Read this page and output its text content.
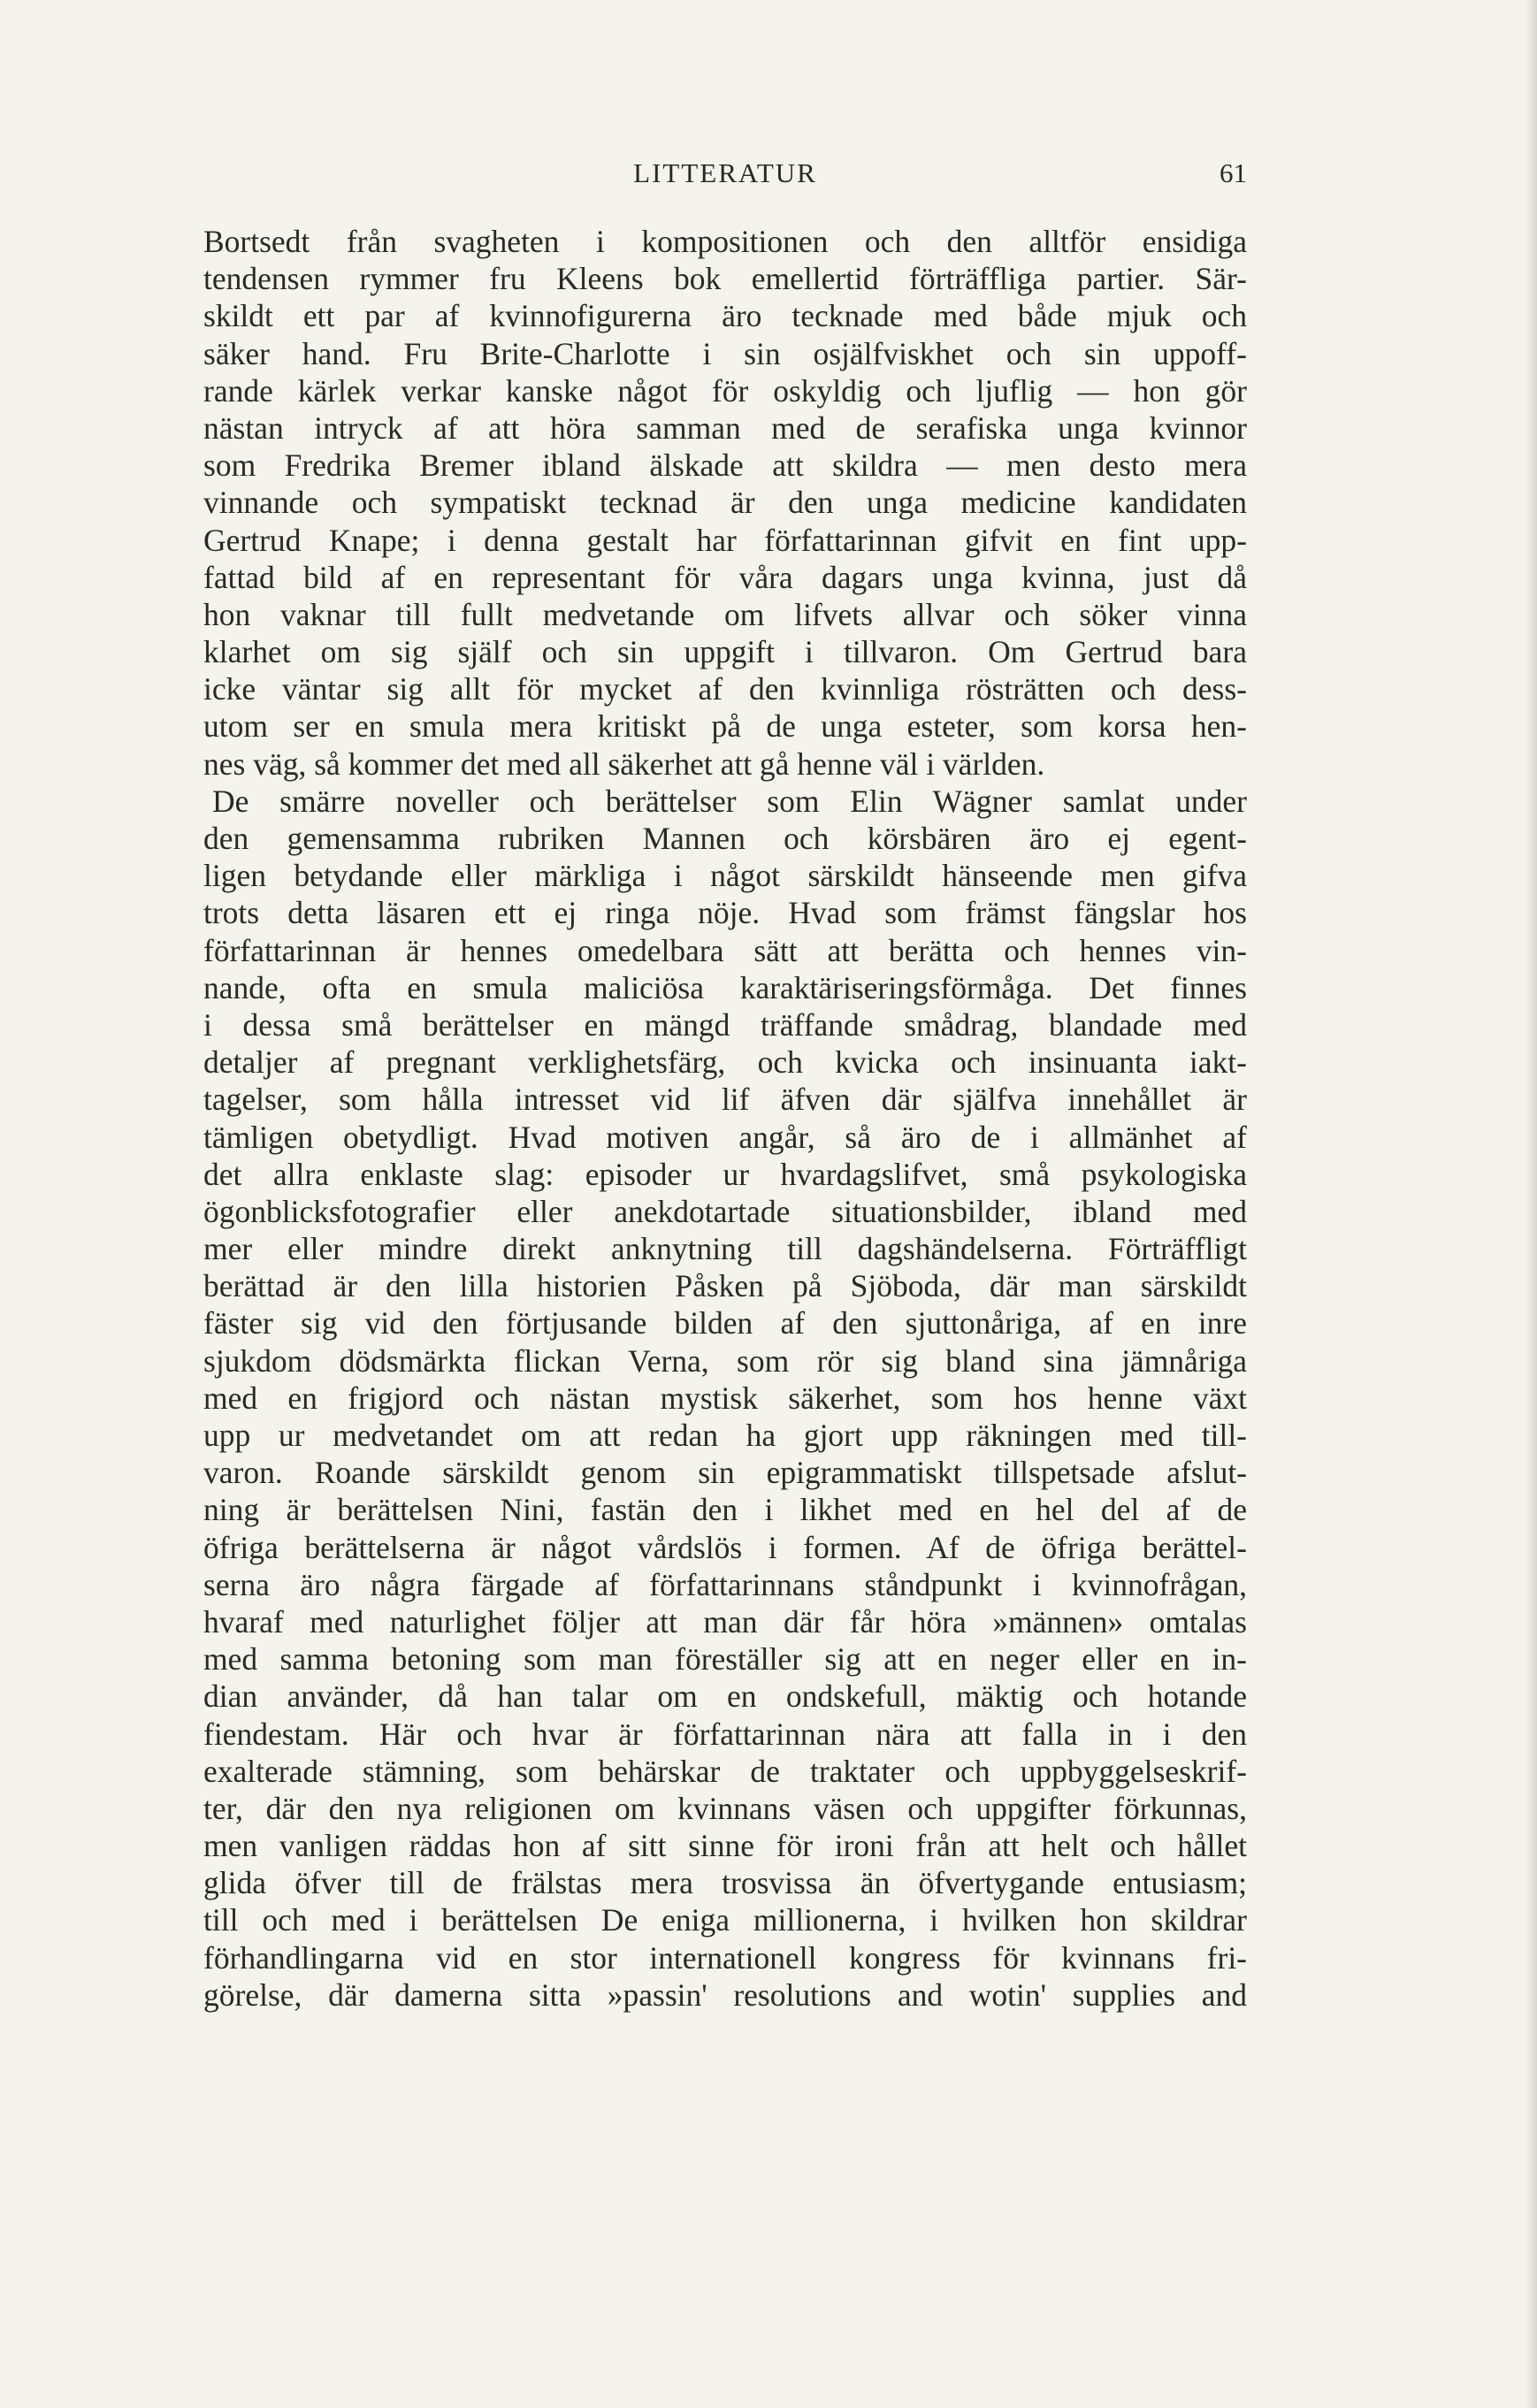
LITTERATUR	61
Bortsedt från svagheten i kompositionen och den alltför ensidiga
tendensen rymmer fru Kleens bok emellertid förträffliga partier. Sär-
skildt ett par af kvinnofigurerna äro tecknade med både mjuk och
säker hand. Fru Brite-Charlotte i sin osjälfviskhet och sin uppoff-
rande kärlek verkar kanske något för oskyldig och ljuflig — hon gör
nästan intryck af att höra samman med de serafiska unga kvinnor
som Fredrika Bremer ibland älskade att skildra — men desto mera
vinnande och sympatiskt tecknad är den unga medicine kandidaten
Gertrud Knape; i denna gestalt har författarinnan gifvit en fint upp-
fattad bild af en representant för våra dagars unga kvinna, just då
hon vaknar till fullt medvetande om lifvets allvar och söker vinna
klarhet om sig själf och sin uppgift i tillvaron. Om Gertrud bara
icke väntar sig allt för mycket af den kvinnliga rösträtten och dess-
utom ser en smula mera kritiskt på de unga esteter, som korsa hen-
nes väg, så kommer det med all säkerhet att gå henne väl i världen.
De smärre noveller och berättelser som Elin Wägner samlat under
den gemensamma rubriken Mannen och körsbären äro ej egent-
ligen betydande eller märkliga i något särskildt hänseende men gifva
trots detta läsaren ett ej ringa nöje. Hvad som främst fängslar hos
författarinnan är hennes omedelbara sätt att berätta och hennes vin-
nande, ofta en smula maliciösa karaktäriseringsförmåga. Det finnes
i dessa små berättelser en mängd träffande smådrag, blandade med
detaljer af pregnant verklighetsfärg, och kvicka och insinuanta iakt-
tagelser, som hålla intresset vid lif äfven där själfva innehållet är
tämligen obetydligt. Hvad motiven angår, så äro de i allmänhet af
det allra enklaste slag: episoder ur hvardagslifvet, små psykologiska
ögonblicksfotografier eller anekdotartade situationsbilder, ibland med
mer eller mindre direkt anknytning till dagshändelserna. Förträffligt
berättad är den lilla historien Påsken på Sjöboda, där man särskildt
fäster sig vid den förtjusande bilden af den sjuttonåriga, af en inre
sjukdom dödsmärkta flickan Verna, som rör sig bland sina jämnåriga
med en frigjord och nästan mystisk säkerhet, som hos henne växt
upp ur medvetandet om att redan ha gjort upp räkningen med till-
varon. Roande särskildt genom sin epigrammatiskt tillspetsade afslut-
ning är berättelsen Nini, fastän den i likhet med en hel del af de
öfriga berättelserna är något vårdslös i formen. Af de öfriga berättel-
serna äro några färgade af författarinnans ståndpunkt i kvinnofrågan,
hvaraf med naturlighet följer att man där får höra »männen» omtalas
med samma betoning som man föreställer sig att en neger eller en in-
dian använder, då han talar om en ondskefull, mäktig och hotande
fiendestam. Här och hvar är författarinnan nära att falla in i den
exalterade stämning, som behärskar de traktater och uppbyggelseskrif-
ter, där den nya religionen om kvinnans väsen och uppgifter förkunnas,
men vanligen räddas hon af sitt sinne för ironi från att helt och hållet
glida öfver till de frälstas mera trosvissa än öfvertygande entusiasm;
till och med i berättelsen De eniga millionerna, i hvilken hon skildrar
förhandlingarna vid en stor internationell kongress för kvinnans fri-
görelse, där damerna sitta »passin' resolutions and wotin' supplies and
